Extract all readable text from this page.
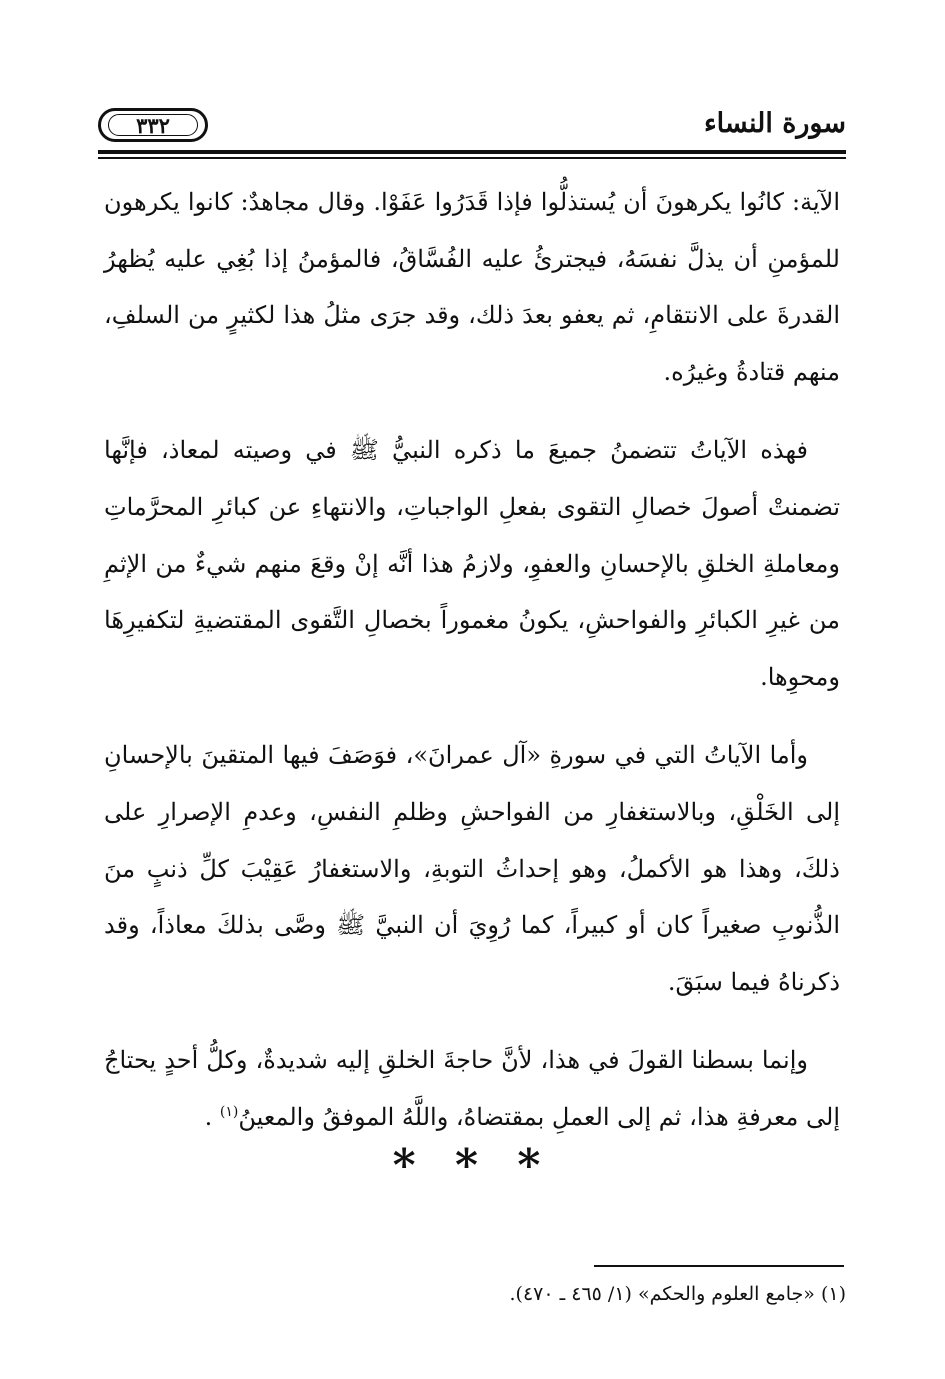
سورة النساء
٣٣٢

الآية: كانُوا يكرهونَ أن يُستذلُّوا فإذا قَدَرُوا عَفَوْا. وقال مجاهدٌ: كانوا يكرهون للمؤمنِ أن يذلَّ نفسَهُ، فيجترئُ عليه الفُسَّاقُ، فالمؤمنُ إذا بُغِي عليه يُظهرُ القدرةَ على الانتقامِ، ثم يعفو بعدَ ذلك، وقد جرَى مثلُ هذا لكثيرٍ من السلفِ، منهم قتادةُ وغيرُه.

فهذه الآياتُ تتضمنُ جميعَ ما ذكره النبيُّ ﷺ في وصيته لمعاذ، فإنَّها تضمنتْ أصولَ خصالِ التقوى بفعلِ الواجباتِ، والانتهاءِ عن كبائرِ المحرَّماتِ ومعاملةِ الخلقِ بالإحسانِ والعفوِ، ولازمُ هذا أنَّه إنْ وقعَ منهم شيءٌ من الإثمِ من غيرِ الكبائرِ والفواحشِ، يكونُ مغموراً بخصالِ التَّقوى المقتضيةِ لتكفيرِهَا ومحوِها.

وأما الآياتُ التي في سورةِ «آل عمرانَ»، فوَصَفَ فيها المتقينَ بالإحسانِ إلى الخَلْقِ، وبالاستغفارِ من الفواحشِ وظلمِ النفسِ، وعدمِ الإصرارِ على ذلكَ، وهذا هو الأكملُ، وهو إحداثُ التوبةِ، والاستغفارُ عَقِيْبَ كلِّ ذنبٍ منَ الذُّنوبِ صغيراً كان أو كبيراً، كما رُوِيَ أن النبيَّ ﷺ وصَّى بذلكَ معاذاً، وقد ذكرناهُ فيما سبَقَ.

وإنما بسطنا القولَ في هذا، لأنَّ حاجةَ الخلقِ إليه شديدةٌ، وكلُّ أحدٍ يحتاجُ إلى معرفةِ هذا، ثم إلى العملِ بمقتضاهُ، واللَّهُ الموفقُ والمعينُ$^{(١)}$ .

* * *
(١) «جامع العلوم والحكم» (١/ ٤٦٥ ـ ٤٧٠).
